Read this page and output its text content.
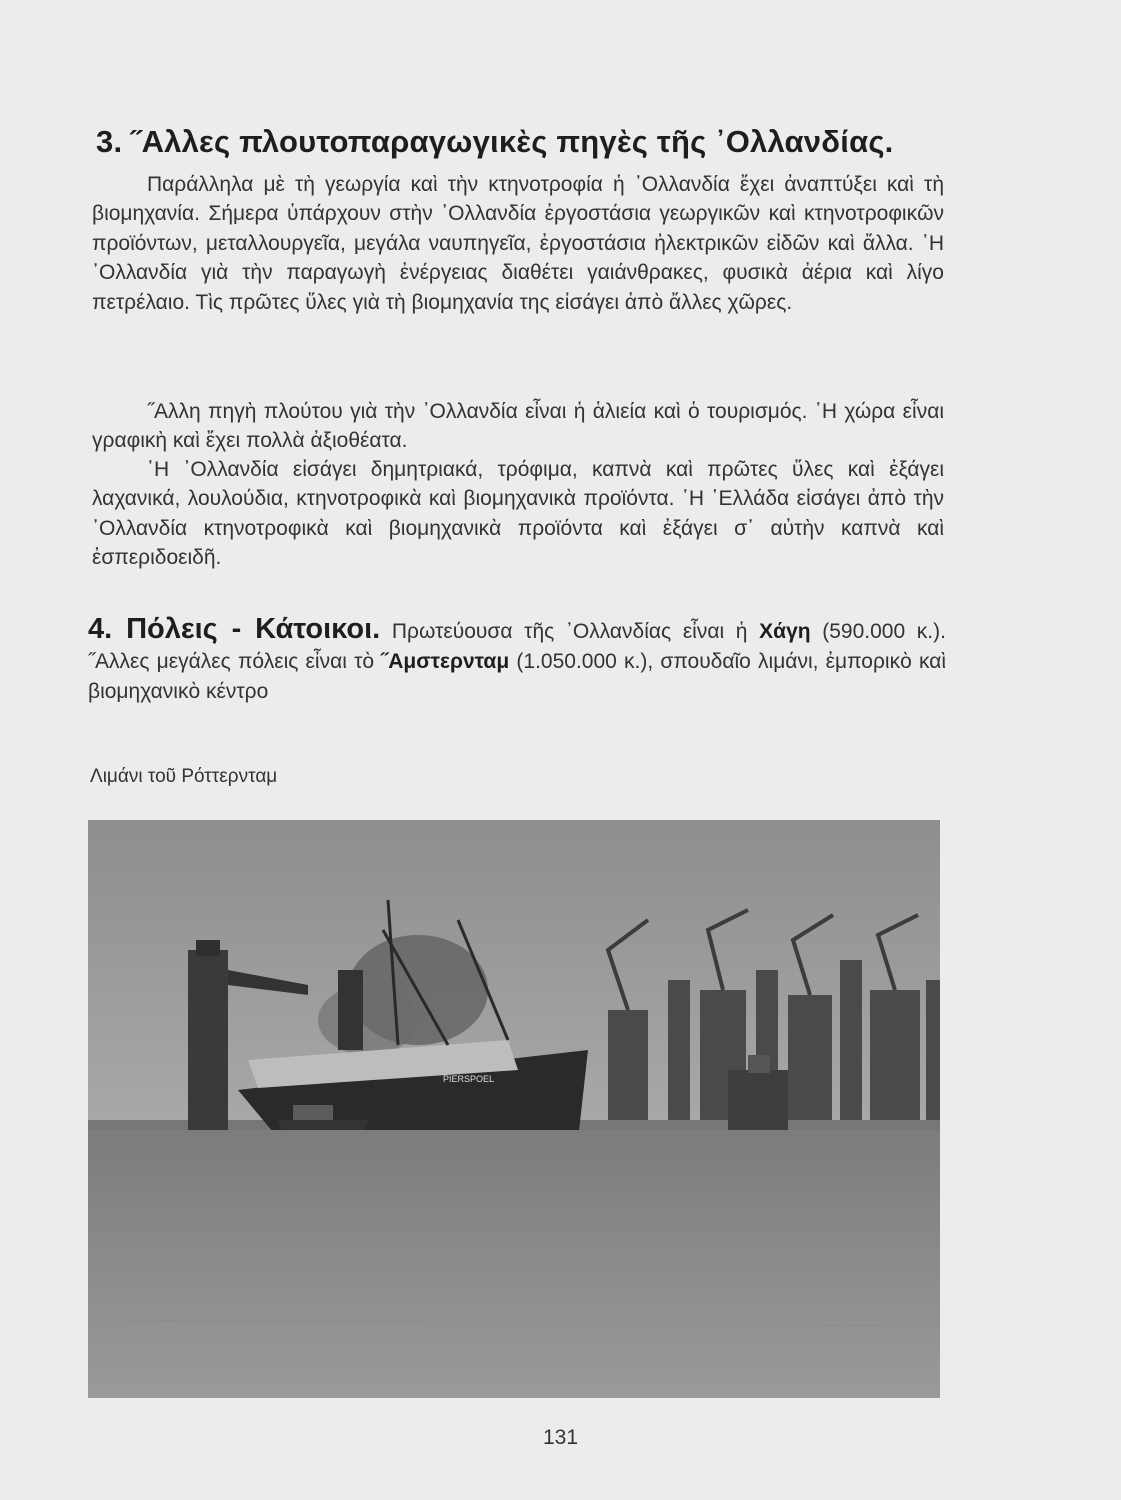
3. ˝Αλλες πλουτοπαραγωγικὲς πηγὲς τῆς ᾿Ολλανδίας.

Παράλληλα μὲ τὴ γεωργία καὶ τὴν κτηνοτροφία ἡ ᾿Ολλανδία ἔχει ἀναπτύξει καὶ τὴ βιομηχανία. Σήμερα ὑπάρχουν στὴν ᾿Ολλανδία ἐργοστάσια γεωργικῶν καὶ κτηνοτροφικῶν προϊόντων, μεταλλουργεῖα, μεγάλα ναυπηγεῖα, ἐργοστάσια ἠλεκτρικῶν εἰδῶν καὶ ἄλλα. ῾Η ᾿Ολλανδία γιὰ τὴν παραγωγὴ ἐνέργειας διαθέτει γαιάνθρακες, φυσικὰ ἀέρια καὶ λίγο πετρέλαιο. Τὶς πρῶτες ὕλες γιὰ τὴ βιομηχανία της εἰσάγει ἀπὸ ἄλλες χῶρες.

˝Αλλη πηγὴ πλούτου γιὰ τὴν ᾿Ολλανδία εἶναι ἡ ἁλιεία καὶ ὁ τουρισμός. ῾Η χώρα εἶναι γραφικὴ καὶ ἔχει πολλὰ ἀξιοθέατα.

῾Η ᾿Ολλανδία εἰσάγει δημητριακά, τρόφιμα, καπνὰ καὶ πρῶτες ὕλες καὶ ἐξάγει λαχανικά, λουλούδια, κτηνοτροφικὰ καὶ βιομηχανικὰ προϊόντα. ῾Η ῾Ελλάδα εἰσάγει ἀπὸ τὴν ᾿Ολλανδία κτηνοτροφικὰ καὶ βιομηχανικὰ προϊόντα καὶ ἐξάγει σ᾿ αὐτὴν καπνὰ καὶ ἐσπεριδοειδῆ.

4. Πόλεις - Κάτοικοι. Πρωτεύουσα τῆς ᾿Ολλανδίας εἶναι ἡ Χάγη (590.000 κ.). ˝Αλλες μεγάλες πόλεις εἶναι τὸ ˝Αμστερνταμ (1.050.000 κ.), σπουδαῖο λιμάνι, ἐμπορικὸ καὶ βιομηχανικὸ κέντρο

Λιμάνι τοῦ Ρόττερνταμ
PIERSPOEL
131
